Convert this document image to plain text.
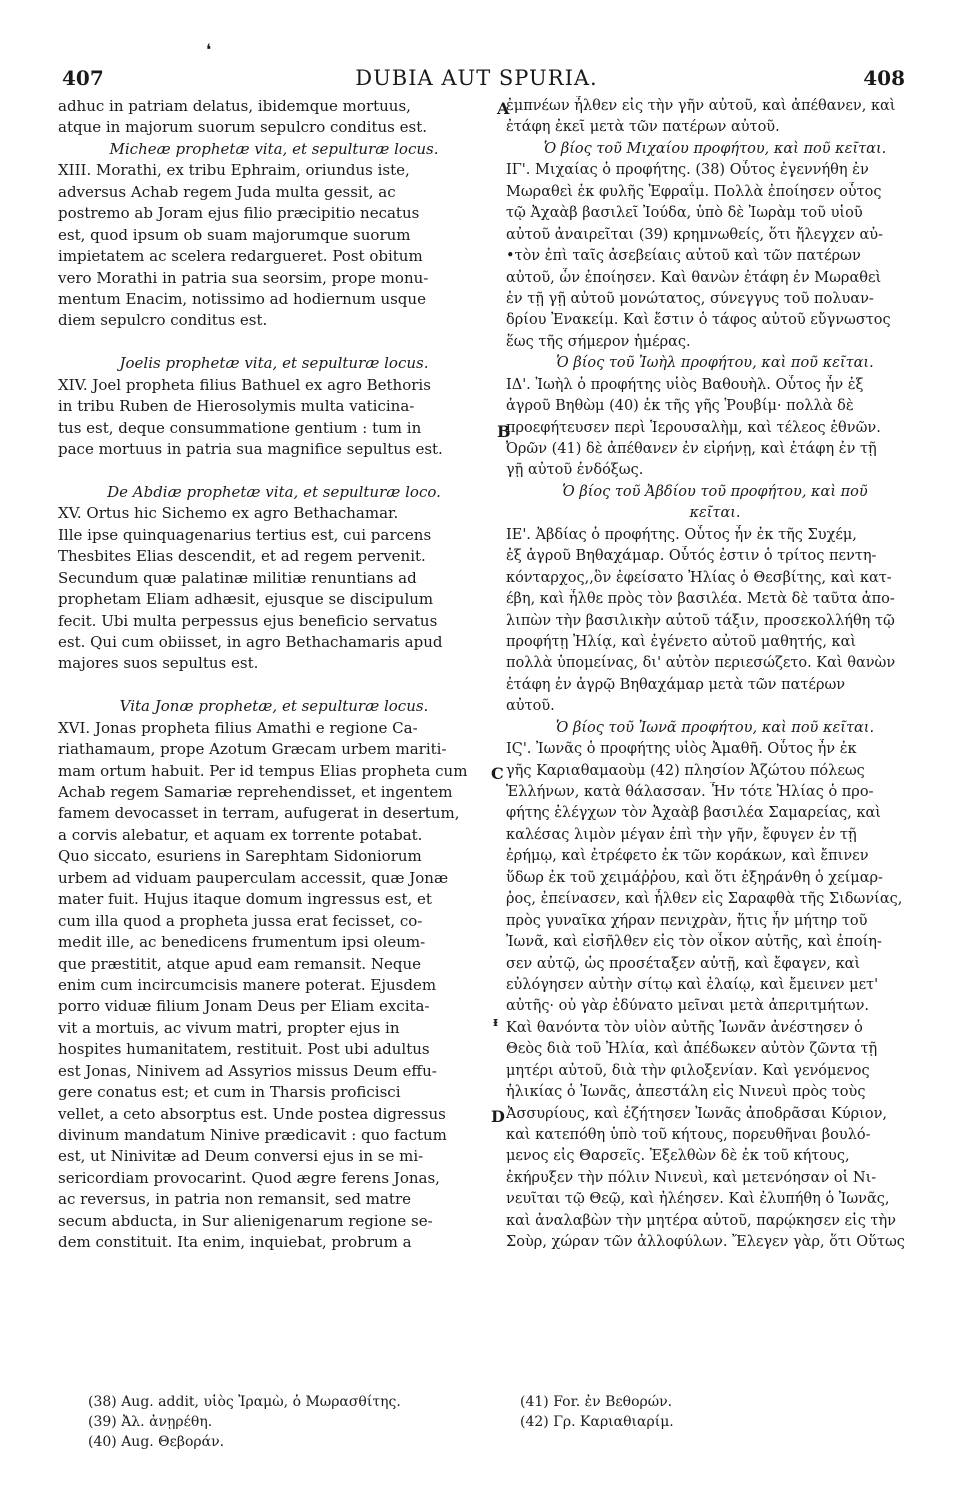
407	DUBIA AUT SPURIA.	408
❛
adhuc in patriam delatus, ibidemque mortuus,
atque in majorum suorum sepulcro conditus est.
Micheæ prophetæ vita, et sepulturæ locus.
XIII. Morathi, ex tribu Ephraim, oriundus iste,
adversus Achab regem Juda multa gessit, ac
postremo ab Joram ejus filio præcipitio necatus
est, quod ipsum ob suam majorumque suorum
impietatem ac scelera redargueret. Post obitum
vero Morathi in patria sua seorsim, prope monu-
mentum Enacim, notissimo ad hodiernum usque
diem sepulcro conditus est.
Joelis prophetæ vita, et sepulturæ locus.
XIV. Joel propheta filius Bathuel ex agro Bethoris
in tribu Ruben de Hierosolymis multa vaticina-
tus est, deque consummatione gentium : tum in
pace mortuus in patria sua magnifice sepultus est.
De Abdiæ prophetæ vita, et sepulturæ loco.
XV. Ortus hic Sichemo ex agro Bethachamar.
Ille ipse quinquagenarius tertius est, cui parcens
Thesbites Elias descendit, et ad regem pervenit.
Secundum quæ palatinæ militiæ renuntians ad
prophetam Eliam adhæsit, ejusque se discipulum
fecit. Ubi multa perpessus ejus beneficio servatus
est. Qui cum obiisset, in agro Bethachamaris apud
majores suos sepultus est.
Vita Jonæ prophetæ, et sepulturæ locus.
XVI. Jonas propheta filius Amathi e regione Ca-
riathamaum, prope Azotum Græcam urbem mariti-
mam ortum habuit. Per id tempus Elias propheta cum
Achab regem Samariæ reprehendisset, et ingentem
famem devocasset in terram, aufugerat in desertum,
a corvis alebatur, et aquam ex torrente potabat.
Quo siccato, esuriens in Sarephtam Sidoniorum
urbem ad viduam pauperculam accessit, quæ Jonæ
mater fuit. Hujus itaque domum ingressus est, et
cum illa quod a propheta jussa erat fecisset, co-
medit ille, ac benedicens frumentum ipsi oleum-
que præstitit, atque apud eam remansit. Neque
enim cum incircumcisis manere poterat. Ejusdem
porro viduæ filium Jonam Deus per Eliam excita-
vit a mortuis, ac vivum matri, propter ejus in
hospites humanitatem, restituit. Post ubi adultus
est Jonas, Ninivem ad Assyrios missus Deum effu-
gere conatus est; et cum in Tharsis proficisci
vellet, a ceto absorptus est. Unde postea digressus
divinum mandatum Ninive prædicavit : quo factum
est, ut Ninivitæ ad Deum conversi ejus in se mi-
sericordiam provocarint. Quod ægre ferens Jonas,
ac reversus, in patria non remansit, sed matre
secum abducta, in Sur alienigenarum regione se-
dem constituit. Ita enim, inquiebat, probrum a
ἐμπνέων ἦλθεν εἰς τὴν γῆν αὐτοῦ, καὶ ἀπέθανεν, καὶ
ἐτάφη ἐκεῖ μετὰ τῶν πατέρων αὐτοῦ.
Ὁ βίος τοῦ Μιχαίου προφήτου, καὶ ποῦ κεῖται.
ΙΓ'. Μιχαίας ὁ προφήτης. (38) Οὗτος ἐγεννήθη ἐν
Μωραθεὶ ἐκ φυλῆς Ἐφραΐμ. Πολλὰ ἐποίησεν οὗτος
τῷ Ἀχαὰβ βασιλεῖ Ἰούδα, ὑπὸ δὲ Ἰωρὰμ τοῦ υἱοῦ
αὐτοῦ ἀναιρεῖται (39) κρημνωθείς, ὅτι ἤλεγχεν αὐ-
•τὸν ἐπὶ ταῖς ἀσεβείαις αὐτοῦ καὶ τῶν πατέρων
αὐτοῦ, ὧν ἐποίησεν. Καὶ θανὼν ἐτάφη ἐν Μωραθεὶ
ἐν τῇ γῇ αὐτοῦ μονώτατος, σύνεγγυς τοῦ πολυαν-
δρίου Ἐνακείμ. Καὶ ἔστιν ὁ τάφος αὐτοῦ εὔγνωστος
ἕως τῆς σήμερον ἡμέρας.
Ὁ βίος τοῦ Ἰωὴλ προφήτου, καὶ ποῦ κεῖται.
ΙΔ'. Ἰωὴλ ὁ προφήτης υἱὸς Βαθουὴλ. Οὗτος ἦν ἐξ
ἀγροῦ Βηθὼμ (40) ἐκ τῆς γῆς Ῥουβίμ· πολλὰ δὲ
προεφήτευσεν περὶ Ἱερουσαλὴμ, καὶ τέλεος ἐθνῶν.
Ὀρῶν (41) δὲ ἀπέθανεν ἐν εἰρήνῃ, καὶ ἐτάφη ἐν τῇ
γῇ αὐτοῦ ἐνδόξως.
Ὁ βίος τοῦ Ἀβδίου τοῦ προφήτου, καὶ ποῦ
κεῖται.
ΙΕ'. Ἀβδίας ὁ προφήτης. Οὗτος ἦν ἐκ τῆς Συχέμ,
ἐξ ἀγροῦ Βηθαχάμαρ. Οὗτός ἐστιν ὁ τρίτος πεντη-
κόνταρχος,,ὃν ἐφείσατο Ἠλίας ὁ Θεσβίτης, καὶ κατ-
έβη, καὶ ἦλθε πρὸς τὸν βασιλέα. Μετὰ δὲ ταῦτα ἀπο-
λιπὼν τὴν βασιλικὴν αὐτοῦ τάξιν, προσεκολλήθη τῷ
προφήτῃ Ἠλίᾳ, καὶ ἐγένετο αὐτοῦ μαθητής, καὶ
πολλὰ ὑπομείνας, δι' αὐτὸν περιεσώζετο. Καὶ θανὼν
ἐτάφη ἐν ἀγρῷ Βηθαχάμαρ μετὰ τῶν πατέρων
αὐτοῦ.
Ὁ βίος τοῦ Ἰωνᾶ προφήτου, καὶ ποῦ κεῖται.
ΙϚ'. Ἰωνᾶς ὁ προφήτης υἱὸς Ἀμαθῆ. Οὗτος ἦν ἐκ
γῆς Καριαθαμαοὺμ (42) πλησίον Ἀζώτου πόλεως
Ἑλλήνων, κατὰ θάλασσαν. Ἦν τότε Ἠλίας ὁ προ-
φήτης ἐλέγχων τὸν Ἀχαὰβ βασιλέα Σαμαρείας, καὶ
καλέσας λιμὸν μέγαν ἐπὶ τὴν γῆν, ἔφυγεν ἐν τῇ
ἐρήμῳ, καὶ ἐτρέφετο ἐκ τῶν κοράκων, καὶ ἔπινεν
ὕδωρ ἐκ τοῦ χειμάῤῥου, καὶ ὅτι ἐξηράνθη ὁ χείμαρ-
ῥος, ἐπείνασεν, καὶ ἦλθεν εἰς Σαραφθὰ τῆς Σιδωνίας,
πρὸς γυναῖκα χήραν πενιχρὰν, ἥτις ἦν μήτηρ τοῦ
Ἰωνᾶ, καὶ εἰσῆλθεν εἰς τὸν οἶκον αὐτῆς, καὶ ἐποίη-
σεν αὐτῷ, ὡς προσέταξεν αὐτῇ, καὶ ἔφαγεν, καὶ
εὐλόγησεν αὐτὴν σίτῳ καὶ ἐλαίῳ, καὶ ἔμεινεν μετ'
αὐτῆς· οὐ γὰρ ἐδύνατο μεῖναι μετὰ ἀπεριτμήτων.
Καὶ θανόντα τὸν υἱὸν αὐτῆς Ἰωνᾶν ἀνέστησεν ὁ
Θεὸς διὰ τοῦ Ἠλία, καὶ ἀπέδωκεν αὐτὸν ζῶντα τῇ
μητέρι αὐτοῦ, διὰ τὴν φιλοξενίαν. Καὶ γενόμενος
ἡλικίας ὁ Ἰωνᾶς, ἀπεστάλη εἰς Νινευὶ πρὸς τοὺς
Ἀσσυρίους, καὶ ἐζήτησεν Ἰωνᾶς ἀποδρᾶσαι Κύριον,
καὶ κατεπόθη ὑπὸ τοῦ κήτους, πορευθῆναι βουλό-
μενος εἰς Θαρσεῖς. Ἐξελθὼν δὲ ἐκ τοῦ κήτους,
ἐκήρυξεν τὴν πόλιν Νινευὶ, καὶ μετενόησαν οἱ Νι-
νευῖται τῷ Θεῷ, καὶ ἠλέησεν. Καὶ ἐλυπήθη ὁ Ἰωνᾶς,
καὶ ἀναλαβὼν τὴν μητέρα αὐτοῦ, παρῴκησεν εἰς τὴν
Σοὺρ, χώραν τῶν ἀλλοφύλων. Ἔλεγεν γὰρ, ὅτι Οὕτως
A
B
C
D
ᵻ
(38) Aug. addit, υἱὸς Ἰραμὼ, ὁ Μωρασθίτης.
(39) Ἀλ. ἀνῃρέθη.
(40) Aug. Θεβοράν.
(41) For. ἐν Βεθορών.
(42) Γρ. Καριαθιαρίμ.
